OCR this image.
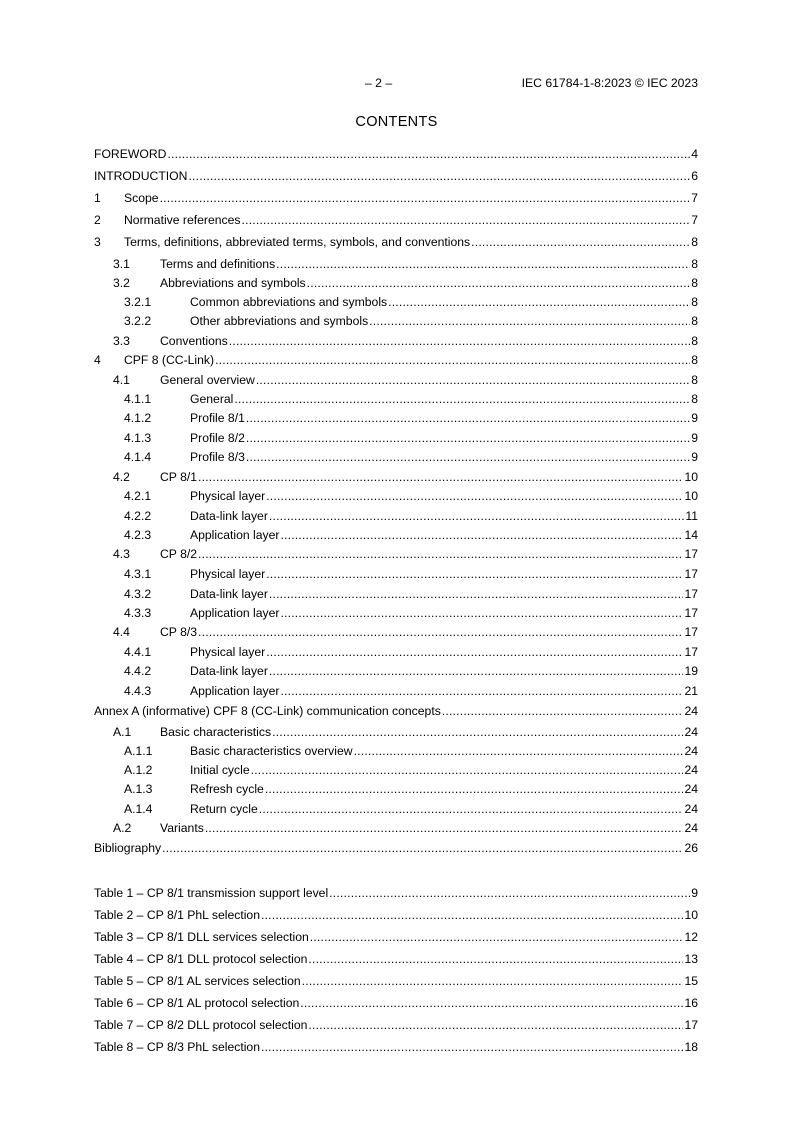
– 2 –	IEC 61784-1-8:2023 © IEC 2023
CONTENTS
FOREWORD .....	4
INTRODUCTION .....	6
1	Scope .....	7
2	Normative references .....	7
3	Terms, definitions, abbreviated terms, symbols, and conventions .....	8
3.1	Terms and definitions .....	8
3.2	Abbreviations and symbols .....	8
3.2.1	Common abbreviations and symbols .....	8
3.2.2	Other abbreviations and symbols .....	8
3.3	Conventions .....	8
4	CPF 8 (CC-Link) .....	8
4.1	General overview .....	8
4.1.1	General .....	8
4.1.2	Profile 8/1 .....	9
4.1.3	Profile 8/2 .....	9
4.1.4	Profile 8/3 .....	9
4.2	CP 8/1 .....	10
4.2.1	Physical layer .....	10
4.2.2	Data-link layer .....	11
4.2.3	Application layer .....	14
4.3	CP 8/2 .....	17
4.3.1	Physical layer .....	17
4.3.2	Data-link layer .....	17
4.3.3	Application layer .....	17
4.4	CP 8/3 .....	17
4.4.1	Physical layer .....	17
4.4.2	Data-link layer .....	19
4.4.3	Application layer .....	21
Annex A (informative) CPF 8 (CC-Link) communication concepts .....	24
A.1	Basic characteristics .....	24
A.1.1	Basic characteristics overview .....	24
A.1.2	Initial cycle .....	24
A.1.3	Refresh cycle .....	24
A.1.4	Return cycle .....	24
A.2	Variants .....	24
Bibliography .....	26
Table 1 – CP 8/1 transmission support level .....	9
Table 2 – CP 8/1 PhL selection .....	10
Table 3 – CP 8/1 DLL services selection .....	12
Table 4 – CP 8/1 DLL protocol selection .....	13
Table 5 – CP 8/1 AL services selection .....	15
Table 6 – CP 8/1 AL protocol selection .....	16
Table 7 – CP 8/2 DLL protocol selection .....	17
Table 8 – CP 8/3 PhL selection .....	18
